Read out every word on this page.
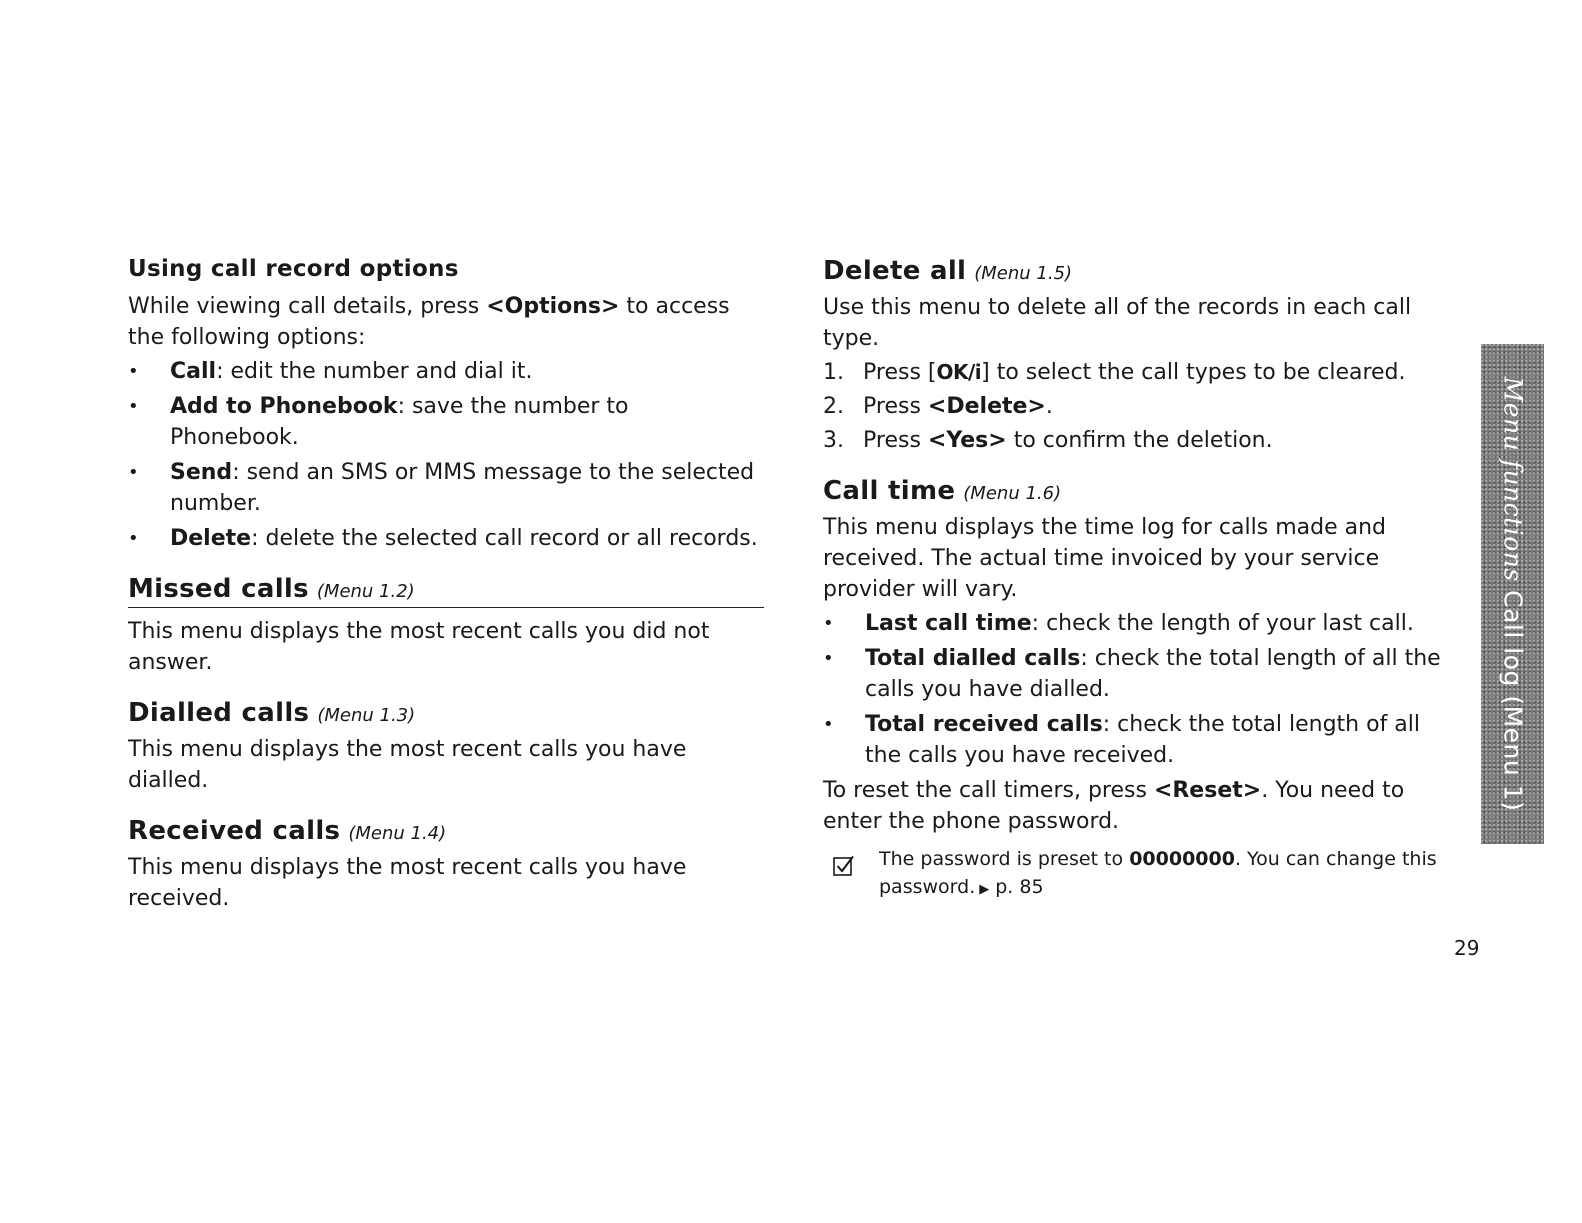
Using call record options

While viewing call details, press <Options> to access the following options:

• Call: edit the number and dial it.
• Add to Phonebook: save the number to Phonebook.
• Send: send an SMS or MMS message to the selected number.
• Delete: delete the selected call record or all records.
Missed calls (Menu 1.2)

This menu displays the most recent calls you did not answer.

Dialled calls (Menu 1.3)

This menu displays the most recent calls you have dialled.

Received calls (Menu 1.4)

This menu displays the most recent calls you have received.

Delete all (Menu 1.5)

Use this menu to delete all of the records in each call type.

1. Press [OK/i] to select the call types to be cleared.
2. Press <Delete>.
3. Press <Yes> to confirm the deletion.
Call time (Menu 1.6)

This menu displays the time log for calls made and received. The actual time invoiced by your service provider will vary.

• Last call time: check the length of your last call.
• Total dialled calls: check the total length of all the calls you have dialled.
• Total received calls: check the total length of all the calls you have received.

To reset the call timers, press <Reset>. You need to enter the phone password.

The password is preset to 00000000. You can change this password. ▶ p. 85
Menu functions Call log (Menu 1)
29
